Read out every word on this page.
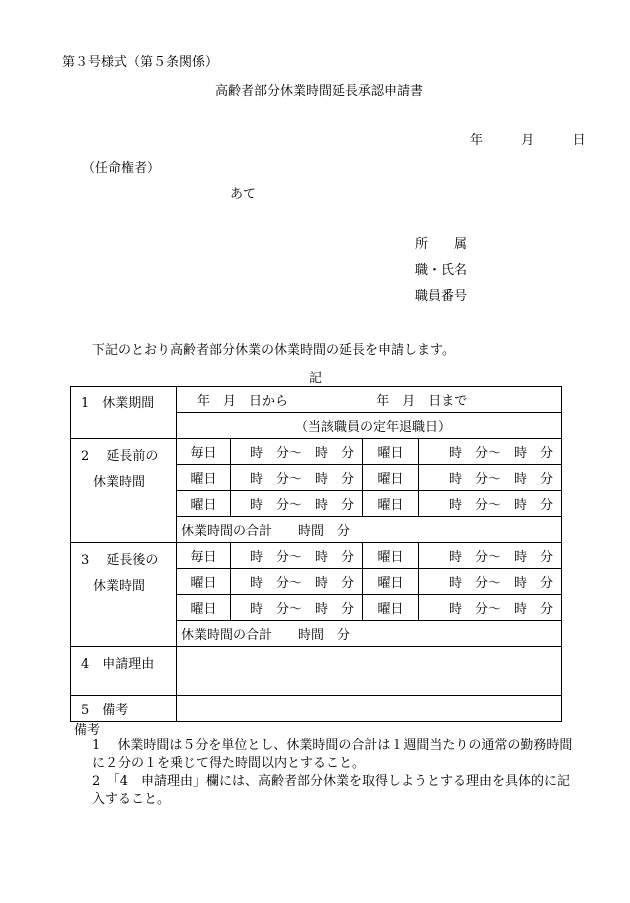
第３号様式（第５条関係）
高齢者部分休業時間延長承認申請書
年	月	日
（任命権者）
あて
所　　属
職・氏名
職員番号
下記のとおり高齢者部分休業の休業時間の延長を申請します。
記
1　休業期間	年　月　日から 年　月　日まで			
	（当該職員の定年退職日）			

2　 延長前の
休業時間	毎日	時　分〜　時　分	曜日	時　分〜　時　分
	曜日	時　分〜　時　分	曜日	時　分〜　時　分
	曜日	時　分〜　時　分	曜日	時　分〜　時　分
	休業時間の合計　　時間　分			

3　 延長後の
休業時間	毎日	時　分〜　時　分	曜日	時　分〜　時　分
	曜日	時　分〜　時　分	曜日	時　分〜　時　分
	曜日	時　分〜　時　分	曜日	時　分〜　時　分
	休業時間の合計　　時間　分			
4　申請理由				
5　備考				
備考
1　 休業時間は５分を単位とし、休業時間の合計は１週間当たりの通常の勤務時間に２分の１を乗じて得た時間以内とすること。
2　「4　申請理由」欄には、高齢者部分休業を取得しようとする理由を具体的に記入すること。
